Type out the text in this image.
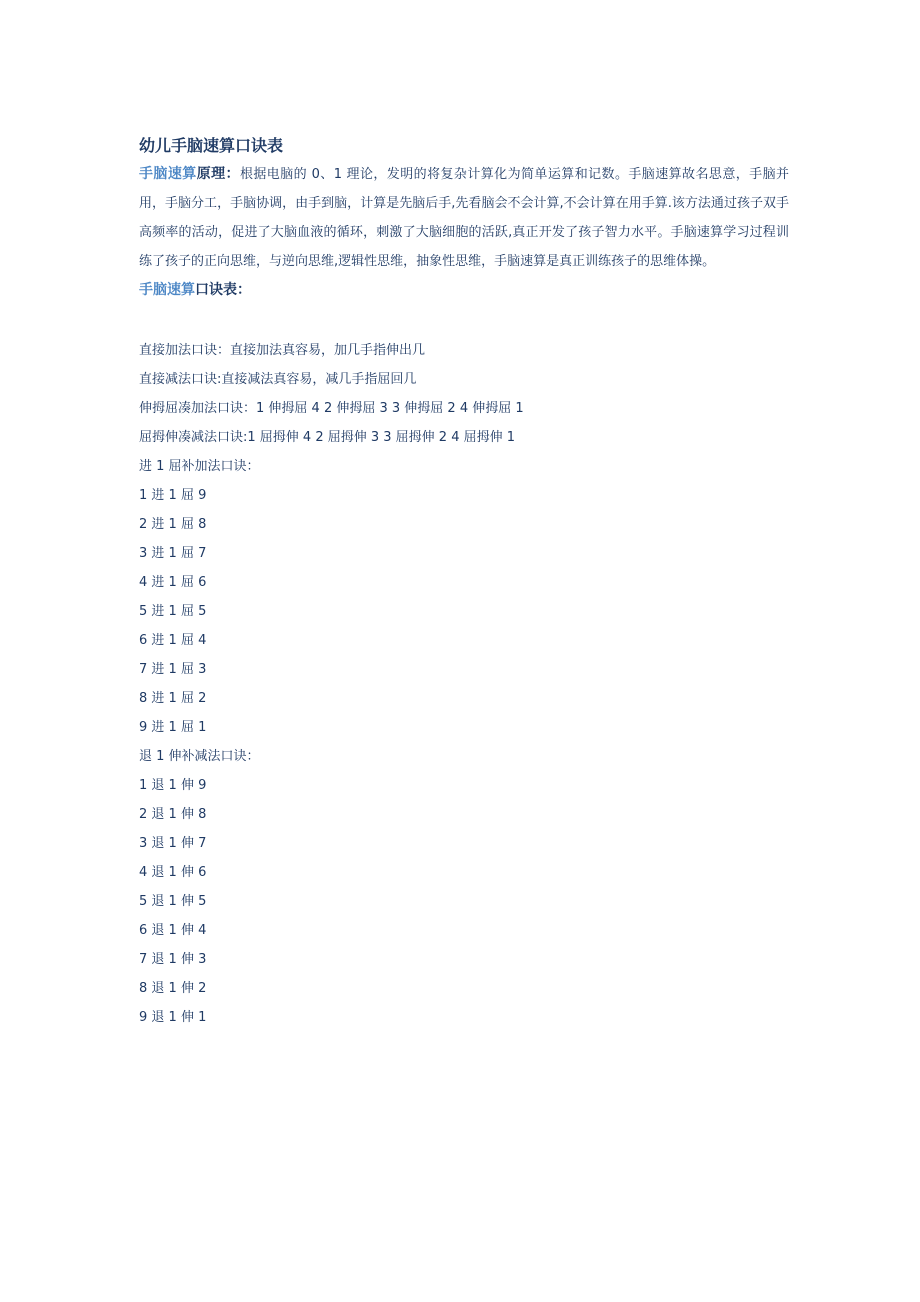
幼儿手脑速算口诀表

手脑速算原理：根据电脑的 0、1 理论，发明的将复杂计算化为简单运算和记数。手脑速算故名思意，手脑并用，手脑分工，手脑协调，由手到脑，计算是先脑后手,先看脑会不会计算,不会计算在用手算.该方法通过孩子双手高频率的活动，促进了大脑血液的循环，刺激了大脑细胞的活跃,真正开发了孩子智力水平。手脑速算学习过程训练了孩子的正向思维，与逆向思维,逻辑性思维，抽象性思维，手脑速算是真正训练孩子的思维体操。

手脑速算口诀表：

直接加法口诀：直接加法真容易，加几手指伸出几
直接减法口诀:直接减法真容易，减几手指屈回几
伸拇屈凑加法口诀：1 伸拇屈 4 2 伸拇屈 3 3 伸拇屈 2 4 伸拇屈 1
屈拇伸凑减法口诀:1 屈拇伸 4 2 屈拇伸 3 3 屈拇伸 2 4 屈拇伸 1
进 1 屈补加法口诀：
1 进 1 屈 9
2 进 1 屈 8
3 进 1 屈 7
4 进 1 屈 6
5 进 1 屈 5
6 进 1 屈 4
7 进 1 屈 3
8 进 1 屈 2
9 进 1 屈 1
退 1 伸补减法口诀：
1 退 1 伸 9
2 退 1 伸 8
3 退 1 伸 7
4 退 1 伸 6
5 退 1 伸 5
6 退 1 伸 4
7 退 1 伸 3
8 退 1 伸 2
9 退 1 伸 1
